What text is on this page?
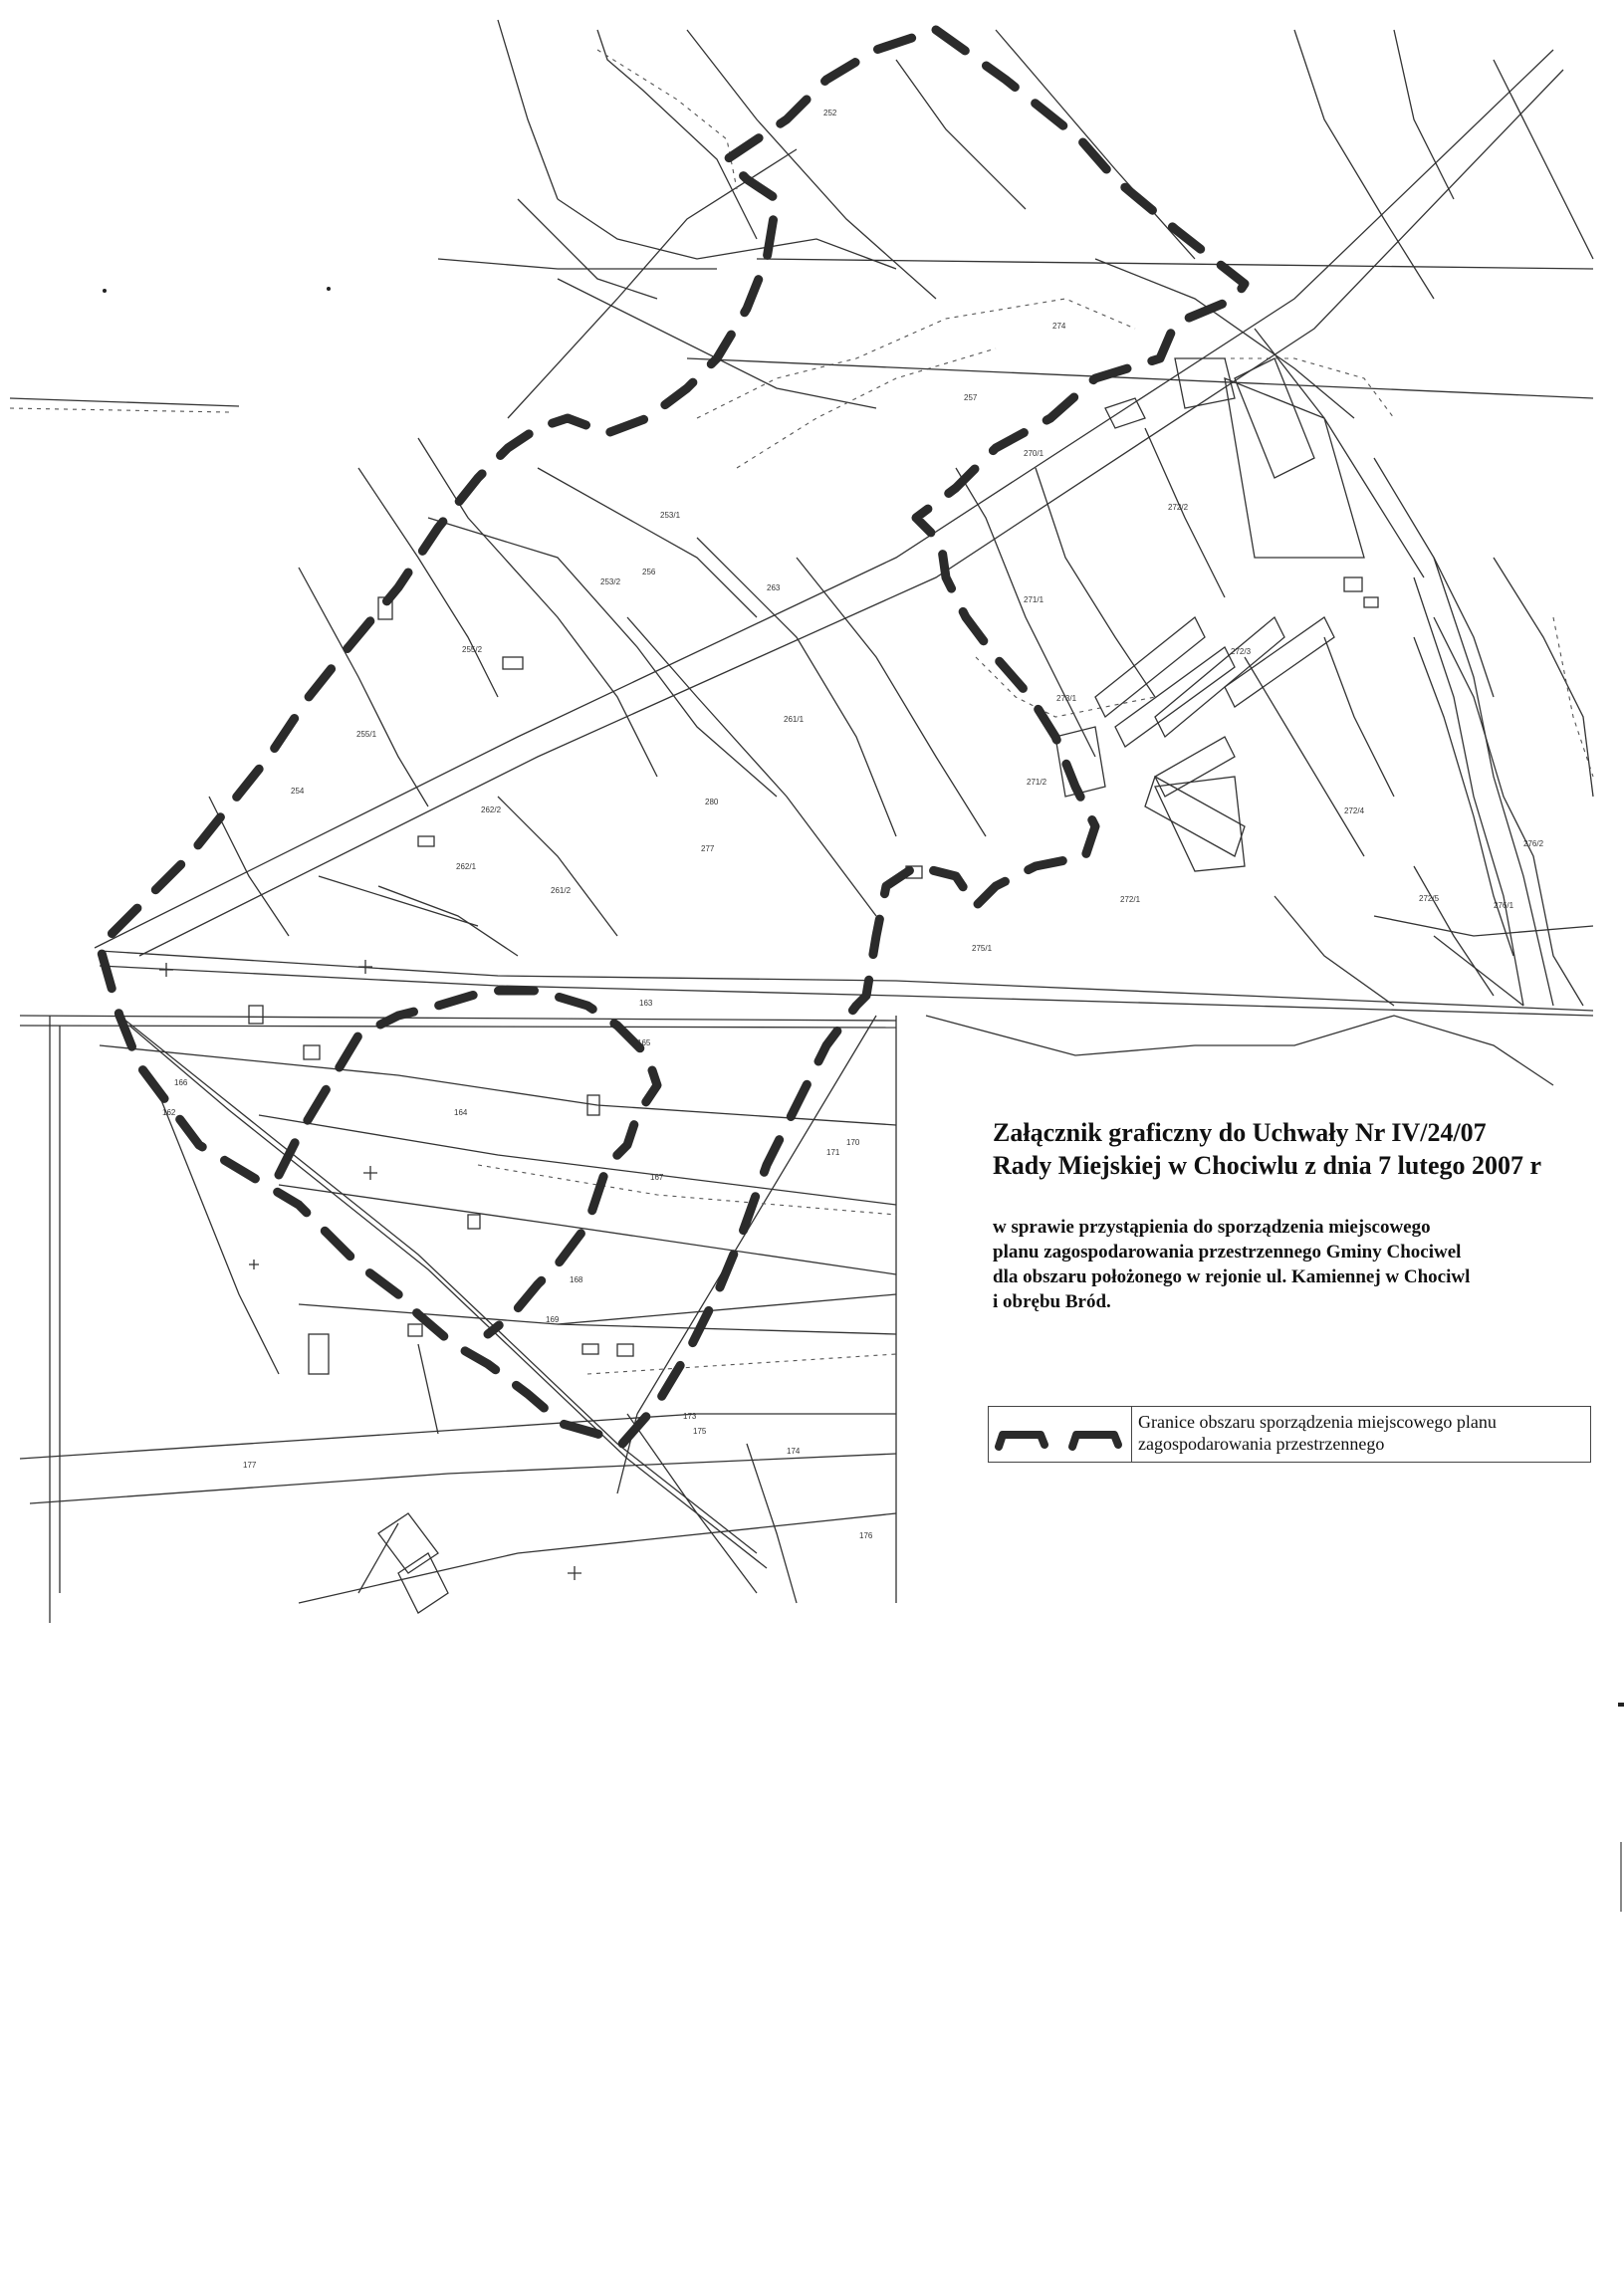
252
253/1
253/2
254
255/1
255/2
256
257
261/1
261/2
262/1
262/2
263
270/1
271/1
271/2
272/1
272/2
272/3
272/4
272/5
273/1
274
275/1
276/1
276/2
277
280
162
163
164
165
166
167
168
169
170
171
173
174
175
176
177
Załącznik graficzny do Uchwały Nr IV/24/07
Rady Miejskiej w Chociwlu z dnia 7 lutego 2007 r
w sprawie przystąpienia do sporządzenia miejscowego
planu zagospodarowania przestrzennego Gminy Chociwel
dla obszaru położonego w rejonie ul. Kamiennej w Chociwl
i obrębu Bród.
Granice obszaru sporządzenia miejscowego planu
zagospodarowania przestrzennego
